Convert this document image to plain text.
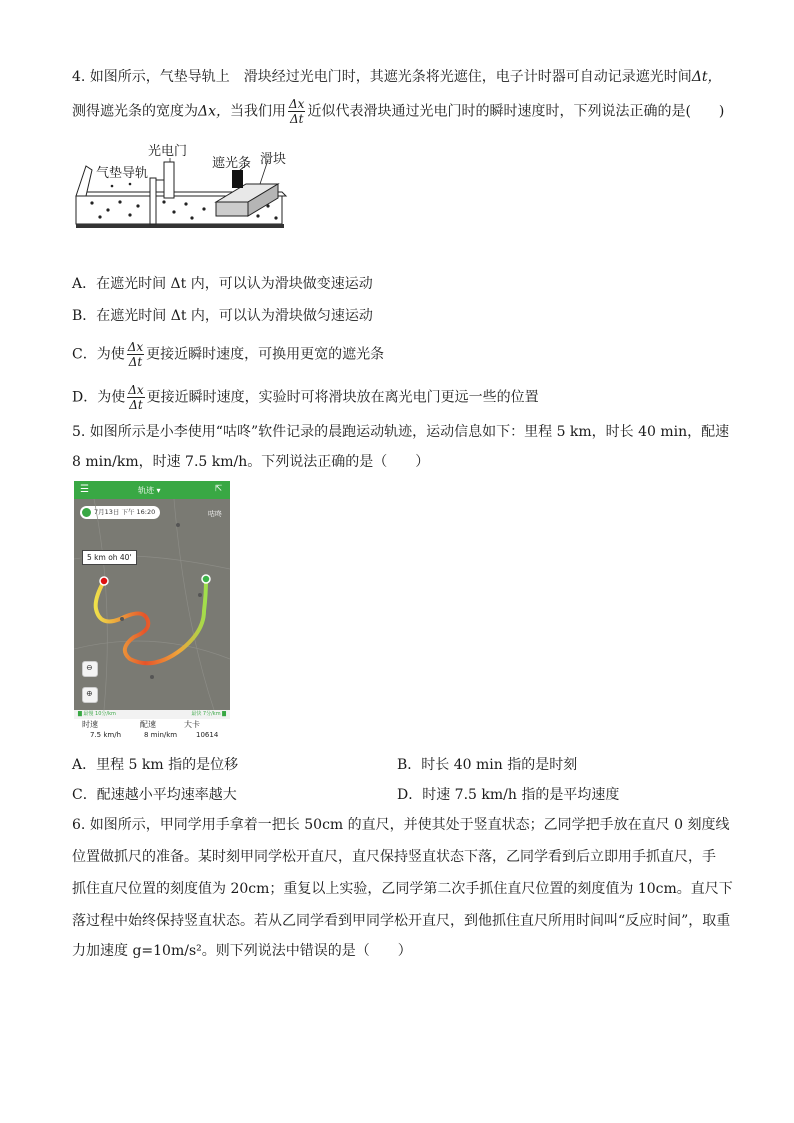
4. 如图所示，气垫导轨上　滑块经过光电门时，其遮光条将光遮住，电子计时器可自动记录遮光时间Δt，
测得遮光条的宽度为Δx，当我们用 $\frac{\Delta x}{\Delta t}$ 近似代表滑块通过光电门时的瞬时速度时，下列说法正确的是(　　)
光电门
气垫导轨
遮光条 滑块
A．在遮光时间 Δt 内，可以认为滑块做变速运动
B．在遮光时间 Δt 内，可以认为滑块做匀速运动
C．为使 $\frac{\Delta x}{\Delta t}$ 更接近瞬时速度，可换用更宽的遮光条
D．为使 $\frac{\Delta x}{\Delta t}$ 更接近瞬时速度，实验时可将滑块放在离光电门更远一些的位置
5. 如图所示是小李使用“咕咚”软件记录的晨跑运动轨迹，运动信息如下：里程 5 km，时长 40 min，配速
8 min/km，时速 7.5 km/h。下列说法正确的是（　　）
☰	轨迹 ▾	⇱
7月13日 下午 16:20	咕咚
5 km oh 40'
⊖
⊕
▇ 最慢 10分/km	最快 7分/km ▇
时速
7.5 km/h
配速
8 min/km
大卡
10614
A．里程 5 km 指的是位移	B．时长 40 min 指的是时刻
C．配速越小平均速率越大	D．时速 7.5 km/h 指的是平均速度
6. 如图所示，甲同学用手拿着一把长 50cm 的直尺，并使其处于竖直状态；乙同学把手放在直尺 0 刻度线
位置做抓尺的准备。某时刻甲同学松开直尺，直尺保持竖直状态下落，乙同学看到后立即用手抓直尺，手
抓住直尺位置的刻度值为 20cm；重复以上实验，乙同学第二次手抓住直尺位置的刻度值为 10cm。直尺下
落过程中始终保持竖直状态。若从乙同学看到甲同学松开直尺，到他抓住直尺所用时间叫“反应时间”，取重
力加速度 g=10m/s²。则下列说法中错误的是（　　）
